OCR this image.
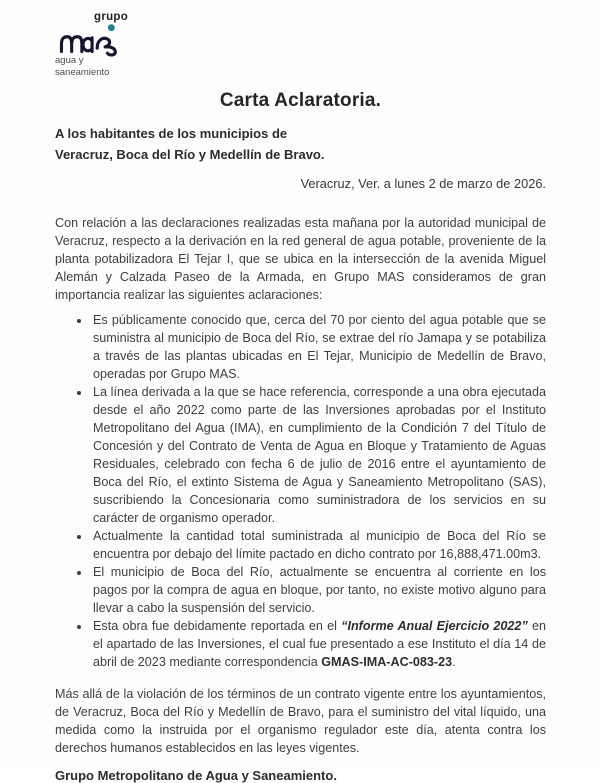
grupo
agua y
saneamiento
Carta Aclaratoria.

A los habitantes de los municipios de
Veracruz, Boca del Río y Medellín de Bravo.

Veracruz, Ver. a lunes 2 de marzo de 2026.

Con relación a las declaraciones realizadas esta mañana por la autoridad municipal de Veracruz, respecto a la derivación en la red general de agua potable, proveniente de la planta potabilizadora El Tejar I, que se ubica en la intersección de la avenida Miguel Alemán y Calzada Paseo de la Armada, en Grupo MAS consideramos de gran importancia realizar las siguientes aclaraciones:

• Es públicamente conocido que, cerca del 70 por ciento del agua potable que se suministra al municipio de Boca del Río, se extrae del río Jamapa y se potabiliza a través de las plantas ubicadas en El Tejar, Municipio de Medellín de Bravo, operadas por Grupo MAS.
• La línea derivada a la que se hace referencia, corresponde a una obra ejecutada desde el año 2022 como parte de las Inversiones aprobadas por el Instituto Metropolitano del Agua (IMA), en cumplimiento de la Condición 7 del Título de Concesión y del Contrato de Venta de Agua en Bloque y Tratamiento de Aguas Residuales, celebrado con fecha 6 de julio de 2016 entre el ayuntamiento de Boca del Río, el extinto Sistema de Agua y Saneamiento Metropolitano (SAS), suscribiendo la Concesionaria como suministradora de los servicios en su carácter de organismo operador.
• Actualmente la cantidad total suministrada al municipio de Boca del Río se encuentra por debajo del límite pactado en dicho contrato por 16,888,471.00m3.
• El municipio de Boca del Río, actualmente se encuentra al corriente en los pagos por la compra de agua en bloque, por tanto, no existe motivo alguno para llevar a cabo la suspensión del servicio.
• Esta obra fue debidamente reportada en el “Informe Anual Ejercicio 2022” en el apartado de las Inversiones, el cual fue presentado a ese Instituto el día 14 de abril de 2023 mediante correspondencia GMAS-IMA-AC-083-23.

Más allá de la violación de los términos de un contrato vigente entre los ayuntamientos, de Veracruz, Boca del Río y Medellín de Bravo, para el suministro del vital líquido, una medida como la instruida por el organismo regulador este día, atenta contra los derechos humanos establecidos en las leyes vigentes.

Grupo Metropolitano de Agua y Saneamiento.
